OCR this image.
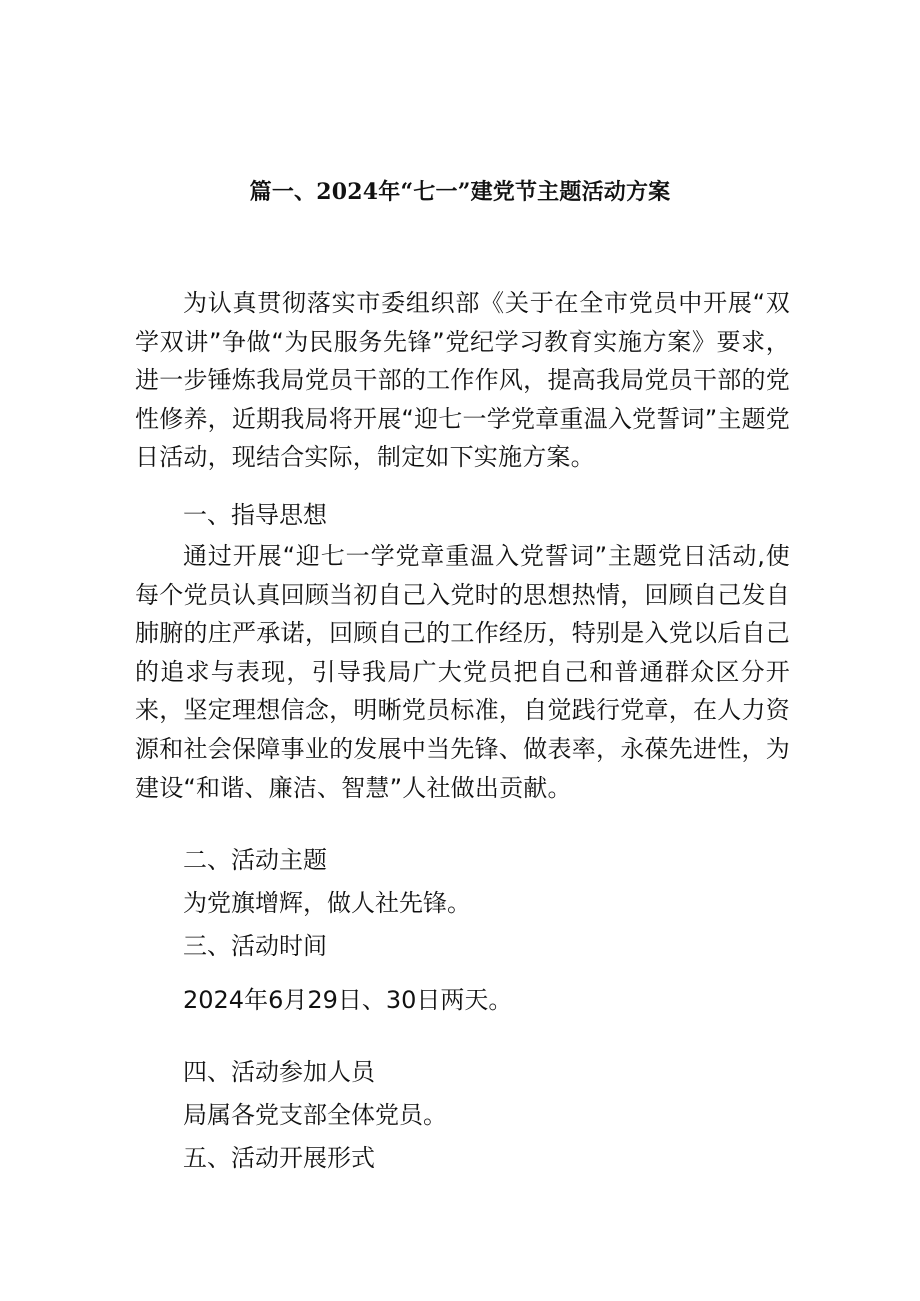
篇一、2024年“七一”建党节主题活动方案
为认真贯彻落实市委组织部《关于在全市党员中开展“双学双讲”争做“为民服务先锋”党纪学习教育实施方案》要求，进一步锤炼我局党员干部的工作作风，提高我局党员干部的党性修养，近期我局将开展“迎七一学党章重温入党誓词”主题党日活动，现结合实际，制定如下实施方案。
一、指导思想
通过开展“迎七一学党章重温入党誓词”主题党日活动,使每个党员认真回顾当初自己入党时的思想热情，回顾自己发自肺腑的庄严承诺，回顾自己的工作经历，特别是入党以后自己的追求与表现，引导我局广大党员把自己和普通群众区分开来，坚定理想信念，明晰党员标准，自觉践行党章，在人力资源和社会保障事业的发展中当先锋、做表率，永葆先进性，为建设“和谐、廉洁、智慧”人社做出贡献。
二、活动主题
为党旗增辉，做人社先锋。
三、活动时间
2024年6月29日、30日两天。
四、活动参加人员
局属各党支部全体党员。
五、活动开展形式
